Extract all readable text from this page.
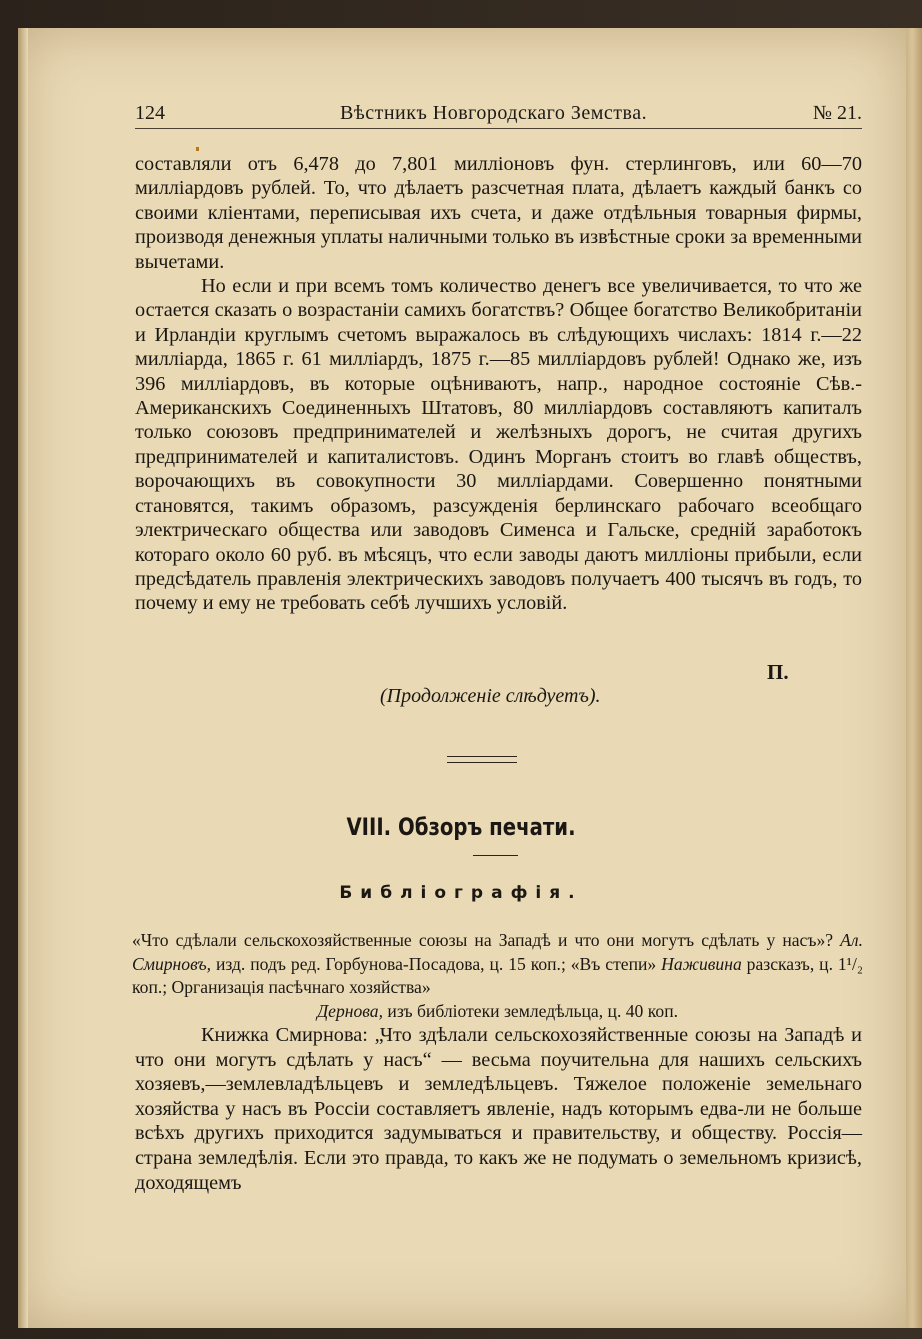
124	Вѣстникъ Новгородскаго Земства.	№ 21.

составляли отъ 6,478 до 7,801 милліоновъ фун. стерлинговъ, или 60—70 милліардовъ рублей. То, что дѣлаетъ разсчетная плата, дѣлаетъ каждый банкъ со своими кліентами, переписывая ихъ счета, и даже отдѣльныя товарныя фирмы, производя денежныя уплаты наличными только въ извѣстные сроки за временными вычетами.

Но если и при всемъ томъ количество денегъ все увеличивается, то что же остается сказать о возрастаніи самихъ богатствъ? Общее богатство Великобританіи и Ирландіи круглымъ счетомъ выражалось въ слѣдующихъ числахъ: 1814 г.—22 милліарда, 1865 г. 61 милліардъ, 1875 г.—85 милліардовъ рублей! Однако же, изъ 396 милліардовъ, въ которые оцѣниваютъ, напр., народное состояніе Сѣв.-Американскихъ Соединенныхъ Штатовъ, 80 милліардовъ составляютъ капиталъ только союзовъ предпринимателей и желѣзныхъ дорогъ, не считая другихъ предпринимателей и капиталистовъ. Одинъ Морганъ стоитъ во главѣ обществъ, ворочающихъ въ совокупности 30 милліардами. Совершенно понятными становятся, такимъ образомъ, разсужденія берлинскаго рабочаго всеобщаго электрическаго общества или заводовъ Сименса и Гальске, средній заработокъ котораго около 60 руб. въ мѣсяцъ, что если заводы даютъ милліоны прибыли, если предсѣдатель правленія электрическихъ заводовъ получаетъ 400 тысячъ въ годъ, то почему и ему не требовать себѣ лучшихъ условій.

П.
(Продолженіе слѣдуетъ).
VIII. Обзоръ печати.
Библіографія.

«Что сдѣлали сельскохозяйственные союзы на Западѣ и что они могутъ сдѣлать у насъ»? Ал. Смирновъ, изд. подъ ред. Горбунова-Посадова, ц. 15 коп.; «Въ степи» Наживина разсказъ, ц. 1¹/₂ коп.; Организація пасѣчнаго хозяйства»

Дернова, изъ библіотеки земледѣльца, ц. 40 коп.

Книжка Смирнова: „Что здѣлали сельскохозяйственные союзы на Западѣ и что они могутъ сдѣлать у насъ“ — весьма поучительна для нашихъ сельскихъ хозяевъ,—землевладѣльцевъ и земледѣльцевъ. Тяжелое положеніе земельнаго хозяйства у насъ въ Россіи составляетъ явленіе, надъ которымъ едва-ли не больше всѣхъ другихъ приходится задумываться и правительству, и обществу. Россія—страна земледѣлія. Если это правда, то какъ же не подумать о земельномъ кризисѣ, доходящемъ
